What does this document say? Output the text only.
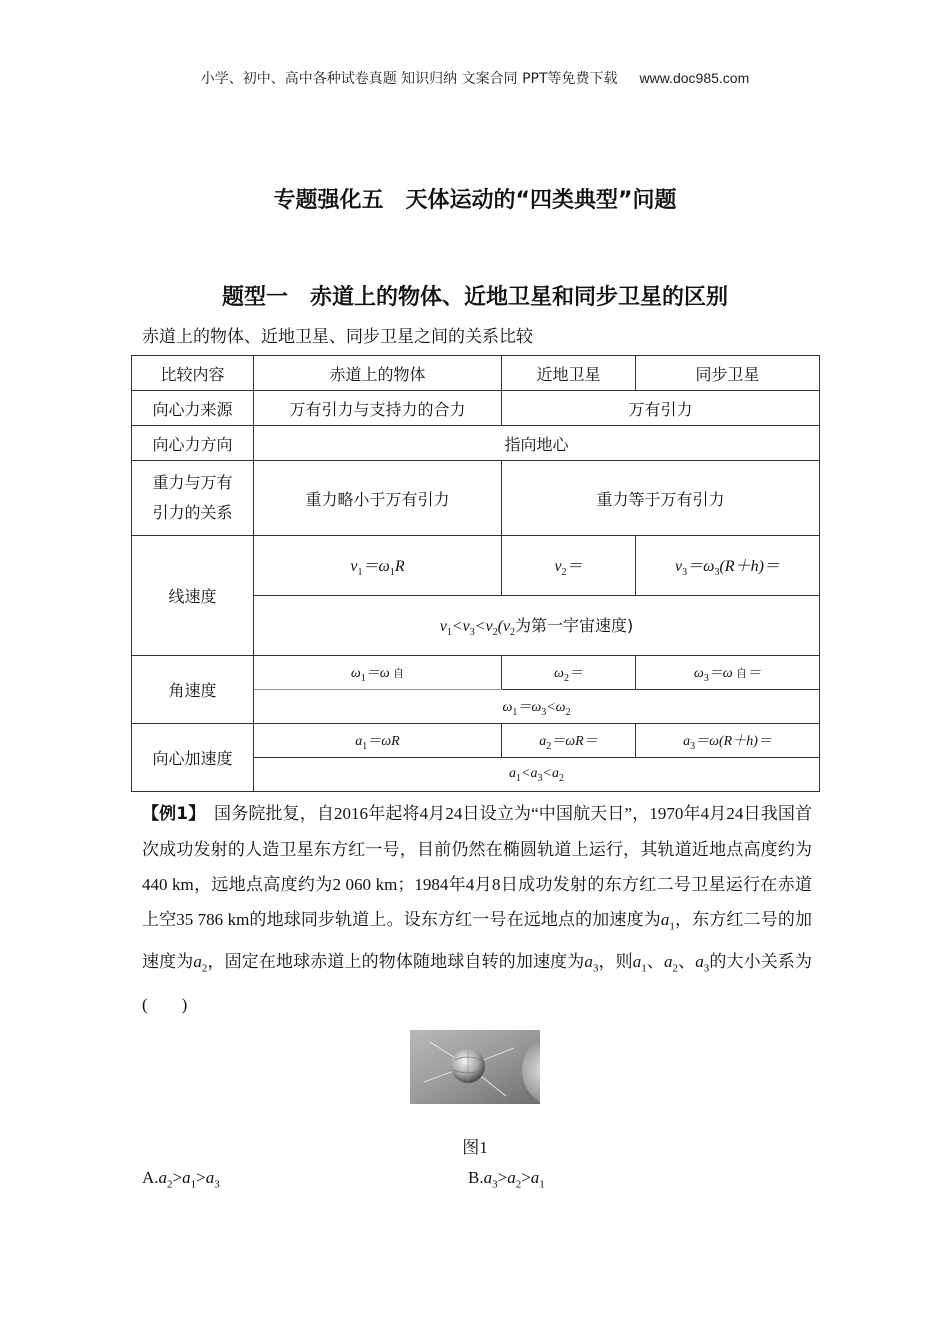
小学、初中、高中各种试卷真题 知识归纳 文案合同 PPT等免费下载 www.doc985.com
专题强化五　天体运动的“四类典型”问题
题型一　赤道上的物体、近地卫星和同步卫星的区别
赤道上的物体、近地卫星、同步卫星之间的关系比较
比较内容	赤道上的物体	近地卫星	同步卫星
向心力来源	万有引力与支持力的合力	万有引力	
向心力方向	指向地心		
重力与万有
引力的关系	重力略小于万有引力	重力等于万有引力	
线速度	$v_1=\omega_1R$	$v_2=$	$v_3=\omega_3(R+h)=$
	$v_1<v_3<v_2(v_2$为第一宇宙速度)		
角速度	$\omega_1=\omega$ 自	$\omega_2=$	$\omega_3=\omega$ 自＝
	$\omega_1=\omega_3<\omega_2$
向心加速度	$a_1=\omega R$	$a_2=\omega R=$	$a_3=\omega(R+h)=$
	$a_1<a_3<a_2$

【例1】　国务院批复，自2016年起将4月24日设立为“中国航天日”，1970年4月24日我国首次成功发射的人造卫星东方红一号，目前仍然在椭圆轨道上运行，其轨道近地点高度约为440 km，远地点高度约为2 060 km；1984年4月8日成功发射的东方红二号卫星运行在赤道上空35 786 km的地球同步轨道上。设东方红一号在远地点的加速度为$a_1$，东方红二号的加速度为$a_2$，固定在地球赤道上的物体随地球自转的加速度为$a_3$，则$a_1$、$a_2$、$a_3$的大小关系为(　　)

图1
$A.a_2>a_1>a_3$	$B.a_3>a_2>a_1$
